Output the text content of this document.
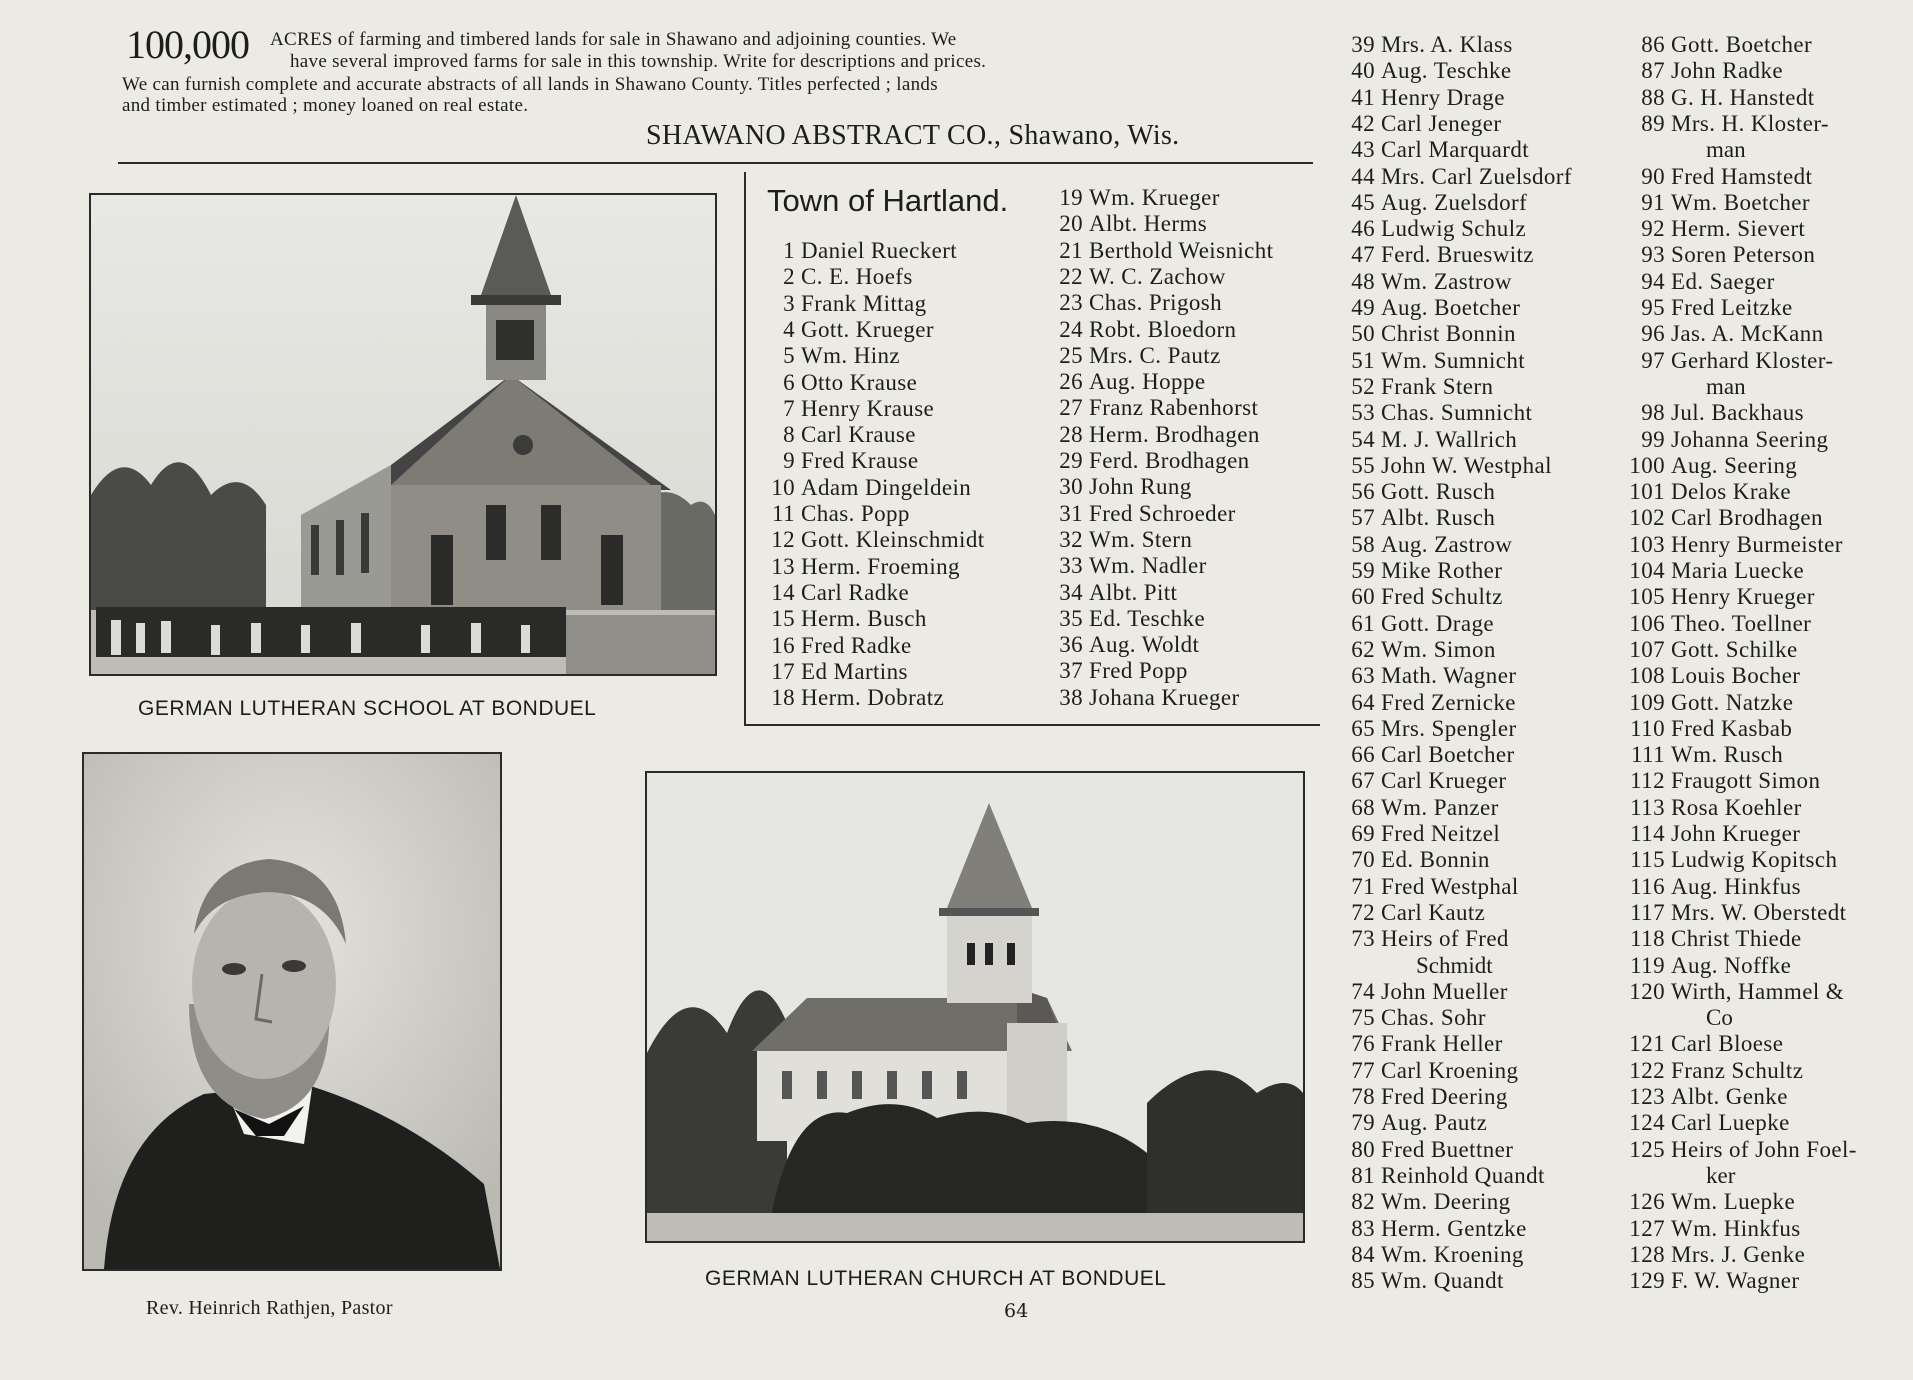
100,000 ACRES of farming and timbered lands for sale in Shawano and adjoining counties. We
have several improved farms for sale in this township. Write for descriptions and prices.
We can furnish complete and accurate abstracts of all lands in Shawano County. Titles perfected ; lands
and timber estimated ; money loaned on real estate.
SHAWANO ABSTRACT CO., Shawano, Wis.
Town of Hartland.
GERMAN LUTHERAN SCHOOL AT BONDUEL
Rev. Heinrich Rathjen, Pastor
GERMAN LUTHERAN CHURCH AT BONDUEL
64
1 Daniel Rueckert
2 C. E. Hoefs
3 Frank Mittag
4 Gott. Krueger
5 Wm. Hinz
6 Otto Krause
7 Henry Krause
8 Carl Krause
9 Fred Krause
10 Adam Dingeldein
11 Chas. Popp
12 Gott. Kleinschmidt
13 Herm. Froeming
14 Carl Radke
15 Herm. Busch
16 Fred Radke
17 Ed Martins
18 Herm. Dobratz
19 Wm. Krueger
20 Albt. Herms
21 Berthold Weisnicht
22 W. C. Zachow
23 Chas. Prigosh
24 Robt. Bloedorn
25 Mrs. C. Pautz
26 Aug. Hoppe
27 Franz Rabenhorst
28 Herm. Brodhagen
29 Ferd. Brodhagen
30 John Rung
31 Fred Schroeder
32 Wm. Stern
33 Wm. Nadler
34 Albt. Pitt
35 Ed. Teschke
36 Aug. Woldt
37 Fred Popp
38 Johana Krueger
39 Mrs. A. Klass
40 Aug. Teschke
41 Henry Drage
42 Carl Jeneger
43 Carl Marquardt
44 Mrs. Carl Zuelsdorf
45 Aug. Zuelsdorf
46 Ludwig Schulz
47 Ferd. Brueswitz
48 Wm. Zastrow
49 Aug. Boetcher
50 Christ Bonnin
51 Wm. Sumnicht
52 Frank Stern
53 Chas. Sumnicht
54 M. J. Wallrich
55 John W. Westphal
56 Gott. Rusch
57 Albt. Rusch
58 Aug. Zastrow
59 Mike Rother
60 Fred Schultz
61 Gott. Drage
62 Wm. Simon
63 Math. Wagner
64 Fred Zernicke
65 Mrs. Spengler
66 Carl Boetcher
67 Carl Krueger
68 Wm. Panzer
69 Fred Neitzel
70 Ed. Bonnin
71 Fred Westphal
72 Carl Kautz
73 Heirs of Fred
Schmidt
74 John Mueller
75 Chas. Sohr
76 Frank Heller
77 Carl Kroening
78 Fred Deering
79 Aug. Pautz
80 Fred Buettner
81 Reinhold Quandt
82 Wm. Deering
83 Herm. Gentzke
84 Wm. Kroening
85 Wm. Quandt
86 Gott. Boetcher
87 John Radke
88 G. H. Hanstedt
89 Mrs. H. Kloster-
man
90 Fred Hamstedt
91 Wm. Boetcher
92 Herm. Sievert
93 Soren Peterson
94 Ed. Saeger
95 Fred Leitzke
96 Jas. A. McKann
97 Gerhard Kloster-
man
98 Jul. Backhaus
99 Johanna Seering
100 Aug. Seering
101 Delos Krake
102 Carl Brodhagen
103 Henry Burmeister
104 Maria Luecke
105 Henry Krueger
106 Theo. Toellner
107 Gott. Schilke
108 Louis Bocher
109 Gott. Natzke
110 Fred Kasbab
111 Wm. Rusch
112 Fraugott Simon
113 Rosa Koehler
114 John Krueger
115 Ludwig Kopitsch
116 Aug. Hinkfus
117 Mrs. W. Oberstedt
118 Christ Thiede
119 Aug. Noffke
120 Wirth, Hammel &
Co
121 Carl Bloese
122 Franz Schultz
123 Albt. Genke
124 Carl Luepke
125 Heirs of John Foel-
ker
126 Wm. Luepke
127 Wm. Hinkfus
128 Mrs. J. Genke
129 F. W. Wagner
